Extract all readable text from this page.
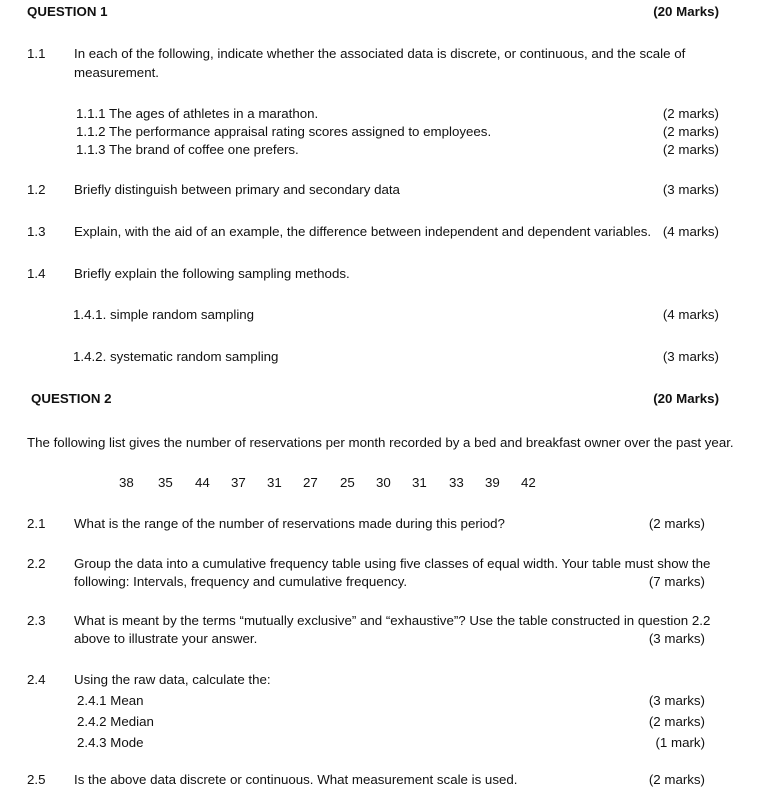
QUESTION 1	(20 Marks)
1.1 In each of the following, indicate whether the associated data is discrete, or continuous, and the scale of
measurement.
1.1.1 The ages of athletes in a marathon.	(2 marks)
1.1.2 The performance appraisal rating scores assigned to employees.	(2 marks)
1.1.3 The brand of coffee one prefers.	(2 marks)
1.2 Briefly distinguish between primary and secondary data	(3 marks)
1.3 Explain, with the aid of an example, the difference between independent and dependent variables. (4 marks)
1.4 Briefly explain the following sampling methods.
1.4.1. simple random sampling	(4 marks)
1.4.2. systematic random sampling	(3 marks)
QUESTION 2	(20 Marks)
The following list gives the number of reservations per month recorded by a bed and breakfast owner over the past year.
38 35 44 37 31 27 25 30 31 33 39 42
2.1 What is the range of the number of reservations made during this period?	(2 marks)
2.2 Group the data into a cumulative frequency table using five classes of equal width. Your table must show the
following: Intervals, frequency and cumulative frequency.	(7 marks)
2.3 What is meant by the terms “mutually exclusive” and “exhaustive”? Use the table constructed in question 2.2
above to illustrate your answer.	(3 marks)
2.4 Using the raw data, calculate the:
2.4.1 Mean	(3 marks)
2.4.2 Median	(2 marks)
2.4.3 Mode	(1 mark)
2.5 Is the above data discrete or continuous. What measurement scale is used.	(2 marks)
